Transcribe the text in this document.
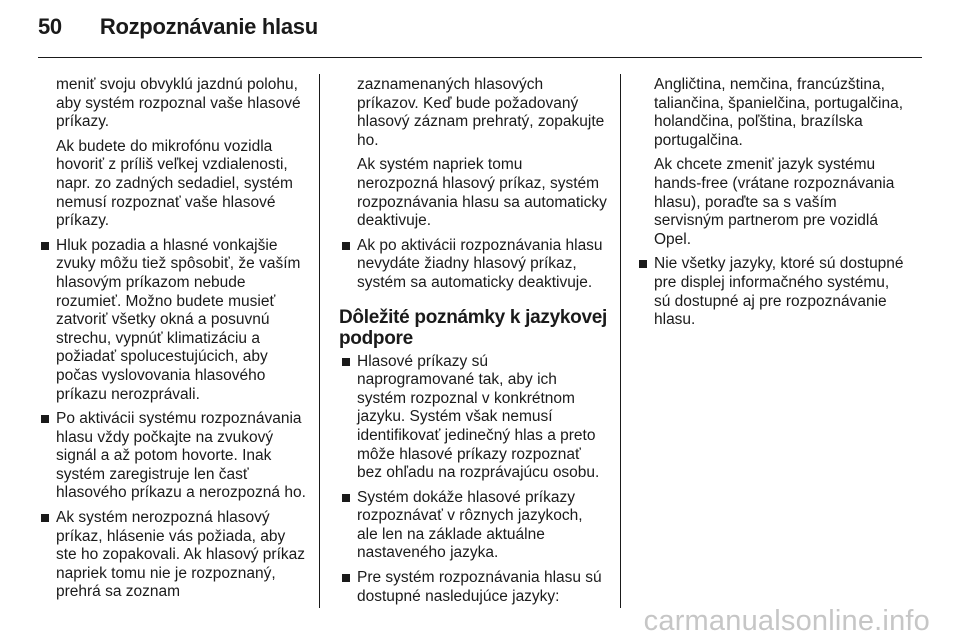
50 Rozpoznávanie hlasu

meniť svoju obvyklú jazdnú polohu, aby systém rozpoznal vaše hlasové príkazy.

Ak budete do mikrofónu vozidla hovoriť z príliš veľkej vzdialenosti, napr. zo zadných sedadiel, systém nemusí rozpoznať vaše hlasové príkazy.

Hluk pozadia a hlasné vonkajšie zvuky môžu tiež spôsobiť, že vaším hlasovým príkazom nebude rozumieť. Možno budete musieť zatvoriť všetky okná a posuvnú strechu, vypnúť klimatizáciu a požiadať spolucestujúcich, aby počas vyslovovania hlasového príkazu nerozprávali.
Po aktivácii systému rozpoznávania hlasu vždy počkajte na zvukový signál a až potom hovorte. Inak systém zaregistruje len časť hlasového príkazu a nerozpozná ho.
Ak systém nerozpozná hlasový príkaz, hlásenie vás požiada, aby ste ho zopakovali. Ak hlasový príkaz napriek tomu nie je rozpoznaný, prehrá sa zoznam

zaznamenaných hlasových príkazov. Keď bude požadovaný hlasový záznam prehratý, zopakujte ho.

Ak systém napriek tomu nerozpozná hlasový príkaz, systém rozpoznávania hlasu sa automaticky deaktivuje.

Ak po aktivácii rozpoznávania hlasu nevydáte žiadny hlasový príkaz, systém sa automaticky deaktivuje.
Dôležité poznámky k jazykovej podpore
Hlasové príkazy sú naprogramované tak, aby ich systém rozpoznal v konkrétnom jazyku. Systém však nemusí identifikovať jedinečný hlas a preto môže hlasové príkazy rozpoznať bez ohľadu na rozprávajúcu osobu.
Systém dokáže hlasové príkazy rozpoznávať v rôznych jazykoch, ale len na základe aktuálne nastaveného jazyka.
Pre systém rozpoznávania hlasu sú dostupné nasledujúce jazyky:

Angličtina, nemčina, francúzština, taliančina, španielčina, portugalčina, holandčina, poľština, brazílska portugalčina.

Ak chcete zmeniť jazyk systému hands-free (vrátane rozpoznávania hlasu), poraďte sa s vaším servisným partnerom pre vozidlá Opel.

Nie všetky jazyky, ktoré sú dostupné pre displej informačného systému, sú dostupné aj pre rozpoznávanie hlasu.
carmanualsonline.info
